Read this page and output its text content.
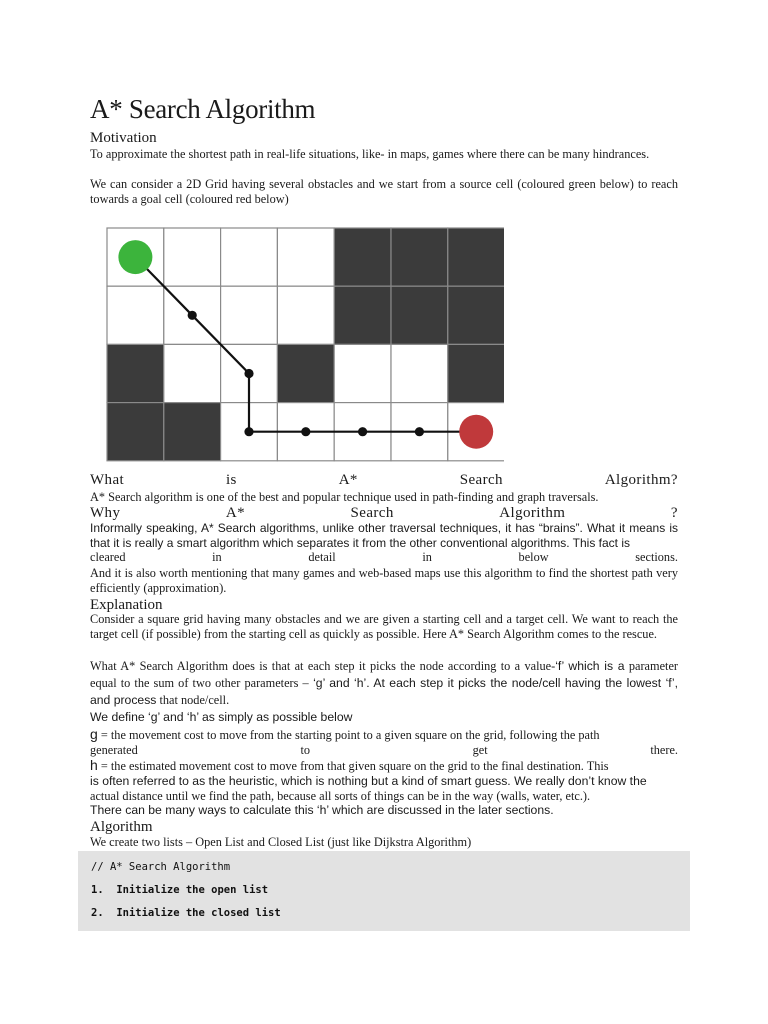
A* Search Algorithm
Motivation

To approximate the shortest path in real-life situations, like- in maps, games where there can be many hindrances.

We can consider a 2D Grid having several obstacles and we start from a source cell (coloured green below) to reach towards a goal cell (coloured red below)

What	is	A*	Search	Algorithm?

A* Search algorithm is one of the best and popular technique used in path-finding and graph traversals.

Why	A*	Search	Algorithm	?

Informally speaking, A* Search algorithms, unlike other traversal techniques, it has “brains”. What it means is that it is really a smart algorithm which separates it from the other conventional algorithms. This fact is

cleared	in	detail	in	below	sections.

And it is also worth mentioning that many games and web-based maps use this algorithm to find the shortest path very efficiently (approximation).

Explanation

Consider a square grid having many obstacles and we are given a starting cell and a target cell. We want to reach the target cell (if possible) from the starting cell as quickly as possible. Here A* Search Algorithm comes to the rescue.

What A* Search Algorithm does is that at each step it picks the node according to a value-‘f’ which is a parameter equal to the sum of two other parameters – ‘g’ and ‘h’. At each step it picks the node/cell having the lowest ‘f’, and process that node/cell.

We define ‘g’ and ‘h’ as simply as possible below

g = the movement cost to move from the starting point to a given square on the grid, following the path

generated	to	get	there.

h = the estimated movement cost to move from that given square on the grid to the final destination. This

is often referred to as the heuristic, which is nothing but a kind of smart guess. We really don’t know the

actual distance until we find the path, because all sorts of things can be in the way (walls, water, etc.).

There can be many ways to calculate this ‘h’ which are discussed in the later sections.

Algorithm

We create two lists – Open List and Closed List (just like Dijkstra Algorithm)

// A* Search Algorithm
1. Initialize the open list
2. Initialize the closed list
